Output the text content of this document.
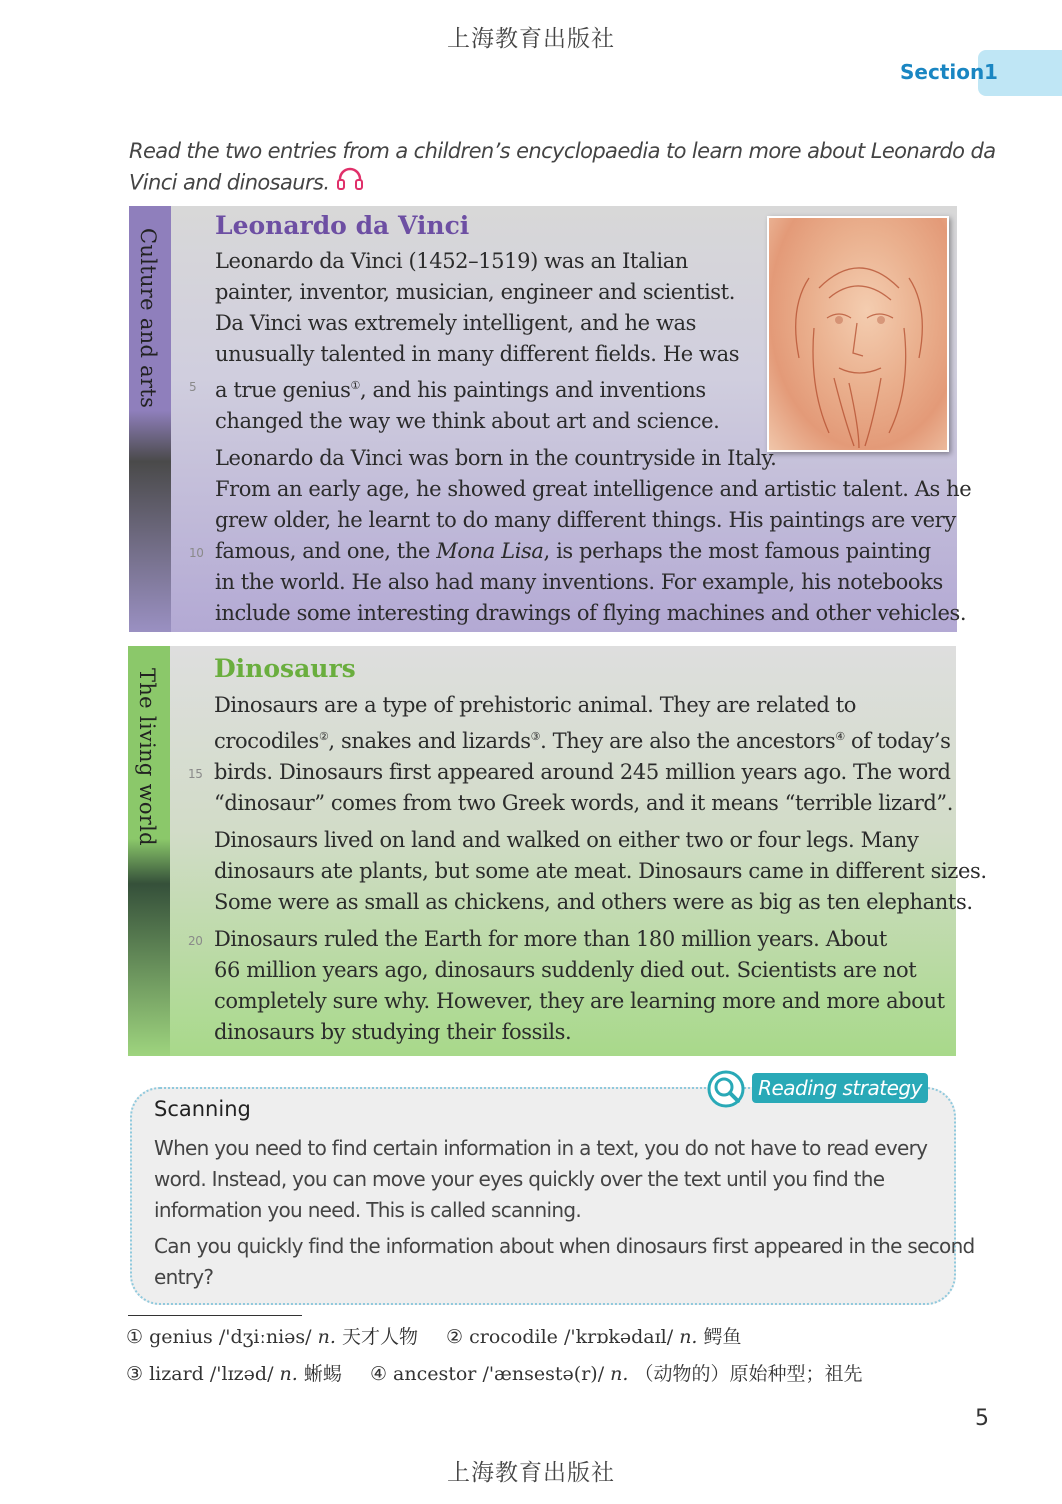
上海教育出版社
Section 1
Read the two entries from a children’s encyclopaedia to learn more about Leonardo da
Vinci and dinosaurs.
Culture and arts
Leonardo da Vinci

Leonardo da Vinci (1452–1519) was an Italian
painter, inventor, musician, engineer and scientist.
Da Vinci was extremely intelligent, and he was
unusually talented in many different fields. He was
5 a true genius①, and his paintings and inventions
changed the way we think about art and science.

Leonardo da Vinci was born in the countryside in Italy.
From an early age, he showed great intelligence and artistic talent. As he
grew older, he learnt to do many different things. His paintings are very
10 famous, and one, the Mona Lisa, is perhaps the most famous painting
in the world. He also had many inventions. For example, his notebooks
include some interesting drawings of flying machines and other vehicles.

The living world Dinosaurs

Dinosaurs are a type of prehistoric animal. They are related to
crocodiles②, snakes and lizards③. They are also the ancestors④ of today’s
15 birds. Dinosaurs first appeared around 245 million years ago. The word
“dinosaur” comes from two Greek words, and it means “terrible lizard”.

Dinosaurs lived on land and walked on either two or four legs. Many
dinosaurs ate plants, but some ate meat. Dinosaurs came in different sizes.
Some were as small as chickens, and others were as big as ten elephants.

20 Dinosaurs ruled the Earth for more than 180 million years. About
66 million years ago, dinosaurs suddenly died out. Scientists are not
completely sure why. However, they are learning more and more about
dinosaurs by studying their fossils.

Reading strategy
Scanning

When you need to find certain information in a text, you do not have to read every
word. Instead, you can move your eyes quickly over the text until you find the
information you need. This is called scanning.

Can you quickly find the information about when dinosaurs first appeared in the second
entry?

① genius /'dʒiːniəs/ n. 天才人物 ② crocodile /'krɒkədaɪl/ n. 鳄鱼
③ lizard /'lɪzəd/ n. 蜥蜴 ④ ancestor /'ænsestə(r)/ n. （动物的）原始种型；祖先
5
上海教育出版社
